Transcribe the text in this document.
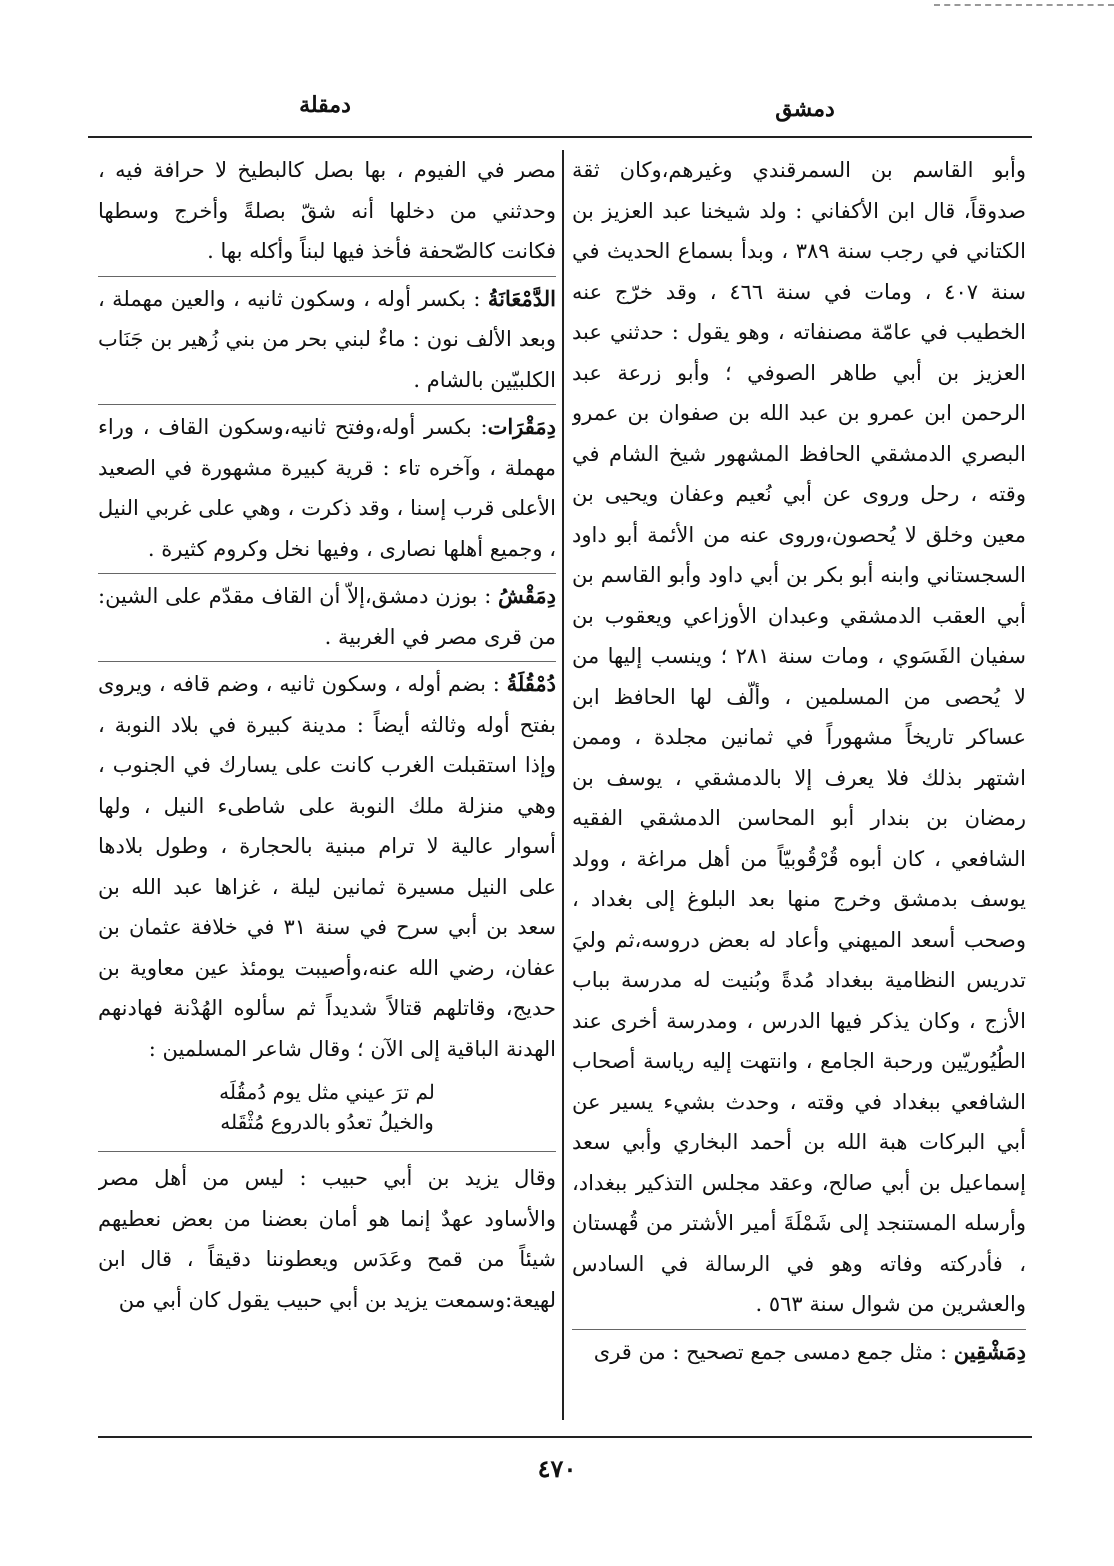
دمشق
دمقلة

وأبو القاسم بن السمرقندي وغيرهم،وكان ثقة صدوقاً، قال ابن الأكفاني : ولد شيخنا عبد العزيز بن الكتاني في رجب سنة ٣٨٩ ، وبدأ بسماع الحديث في سنة ٤٠٧ ، ومات في سنة ٤٦٦ ، وقد خرّج عنه الخطيب في عامّة مصنفاته ، وهو يقول : حدثني عبد العزيز بن أبي طاهر الصوفي ؛ وأبو زرعة عبد الرحمن ابن عمرو بن عبد الله بن صفوان بن عمرو البصري الدمشقي الحافظ المشهور شيخ الشام في وقته ، رحل وروى عن أبي نُعيم وعفان ويحيى بن معين وخلق لا يُحصون،وروى عنه من الأئمة أبو داود السجستاني وابنه أبو بكر بن أبي داود وأبو القاسم بن أبي العقب الدمشقي وعبدان الأوزاعي ويعقوب بن سفيان الفَسَوي ، ومات سنة ٢٨١ ؛ وينسب إليها من لا يُحصى من المسلمين ، وألّف لها الحافظ ابن عساكر تاريخاً مشهوراً في ثمانين مجلدة ، وممن اشتهر بذلك فلا يعرف إلا بالدمشقي ، يوسف بن رمضان بن بندار أبو المحاسن الدمشقي الفقيه الشافعي ، كان أبوه قُرْقُوبيّاً من أهل مراغة ، وولد يوسف بدمشق وخرج منها بعد البلوغ إلى بغداد ، وصحب أسعد الميهني وأعاد له بعض دروسه،ثم وليَ تدريس النظامية ببغداد مُدةً وبُنيت له مدرسة بباب الأزج ، وكان يذكر فيها الدرس ، ومدرسة أخرى عند الطُيُوريّين ورحبة الجامع ، وانتهت إليه رياسة أصحاب الشافعي ببغداد في وقته ، وحدث بشيء يسير عن أبي البركات هبة الله بن أحمد البخاري وأبي سعد إسماعيل بن أبي صالح، وعقد مجلس التذكير ببغداد، وأرسله المستنجد إلى شَمْلَةَ أمير الأشتر من قُهستان ، فأدركته وفاته وهو في الرسالة في السادس والعشرين من شوال سنة ٥٦٣ .

دِمَشْقِين : مثل جمع دمسى جمع تصحيح : من قرى

مصر في الفيوم ، بها بصل كالبطيخ لا حرافة فيه ، وحدثني من دخلها أنه شقّ بصلةً وأخرج وسطها فكانت كالصّحفة فأخذ فيها لبناً وأكله بها .

الدَّمْعَانَةُ : بكسر أوله ، وسكون ثانيه ، والعين مهملة ، وبعد الألف نون : ماءٌ لبني بحر من بني زُهير بن جَنَاب الكلبيّين بالشام .

دِمَقْرَات: بكسر أوله،وفتح ثانيه،وسكون القاف ، وراء مهملة ، وآخره تاء : قرية كبيرة مشهورة في الصعيد الأعلى قرب إسنا ، وقد ذكرت ، وهي على غربي النيل ، وجميع أهلها نصارى ، وفيها نخل وكروم كثيرة .

دِمَقْشُ : بوزن دمشق،إلاّ أن القاف مقدّم على الشين: من قرى مصر في الغربية .

دُمْقُلَةُ : بضم أوله ، وسكون ثانيه ، وضم قافه ، ويروى بفتح أوله وثالثه أيضاً : مدينة كبيرة في بلاد النوبة ، وإذا استقبلت الغرب كانت على يسارك في الجنوب ، وهي منزلة ملك النوبة على شاطىء النيل ، ولها أسوار عالية لا ترام مبنية بالحجارة ، وطول بلادها على النيل مسيرة ثمانين ليلة ، غزاها عبد الله بن سعد بن أبي سرح في سنة ٣١ في خلافة عثمان بن عفان، رضي الله عنه،وأصيبت يومئذ عين معاوية بن حديج، وقاتلهم قتالاً شديداً ثم سألوه الهُدْنة فهادنهم الهدنة الباقية إلى الآن ؛ وقال شاعر المسلمين :

لم ترَ عيني مثل يوم دُمقُلَه
والخيلُ تعدُو بالدروع مُثْقَله

وقال يزيد بن أبي حبيب : ليس من أهل مصر والأساود عهدٌ إنما هو أمان بعضنا من بعض نعطيهم شيئاً من قمح وعَدَس ويعطوننا دقيقاً ، قال ابن لهيعة:وسمعت يزيد بن أبي حبيب يقول كان أبي من

٤٧٠
